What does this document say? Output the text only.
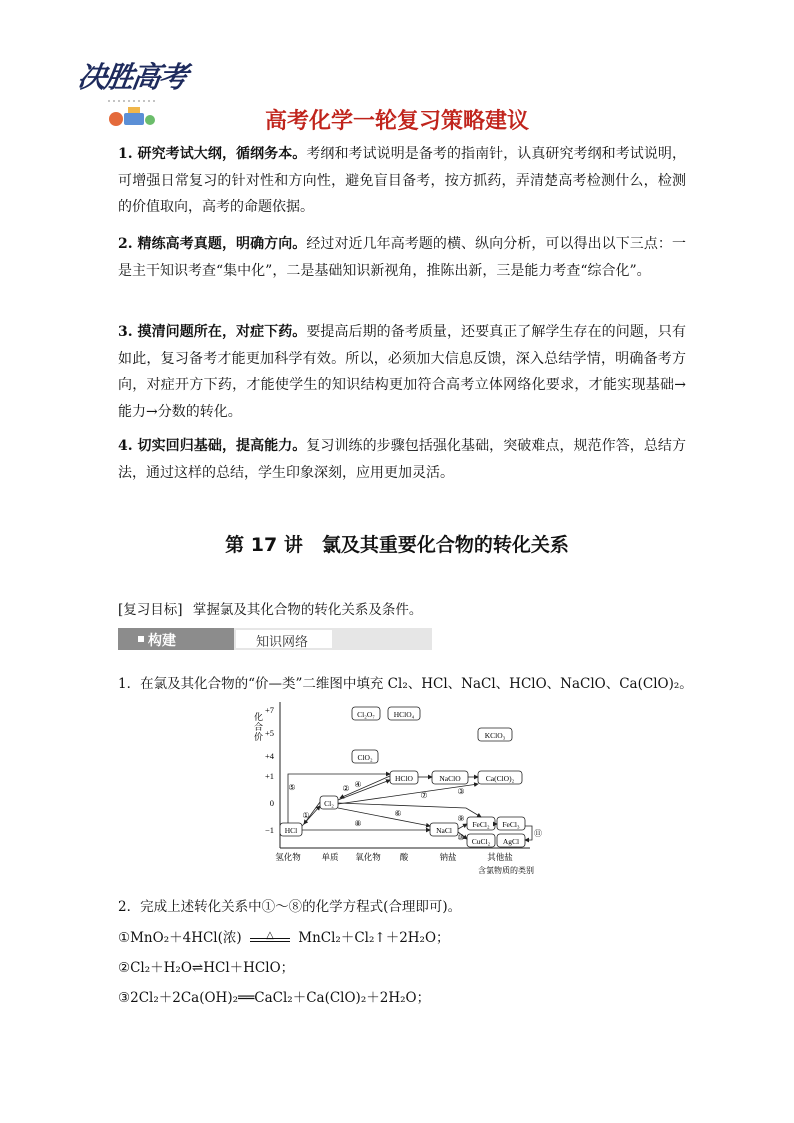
决胜高考
高考化学一轮复习策略建议
1. 研究考试大纲，循纲务本。考纲和考试说明是备考的指南针，认真研究考纲和考试说明，可增强日常复习的针对性和方向性，避免盲目备考，按方抓药，弄清楚高考检测什么，检测的价值取向，高考的命题依据。
2. 精练高考真题，明确方向。经过对近几年高考题的横、纵向分析，可以得出以下三点：一是主干知识考查“集中化”，二是基础知识新视角，推陈出新，三是能力考查“综合化”。
3. 摸清问题所在，对症下药。要提高后期的备考质量，还要真正了解学生存在的问题，只有如此，复习备考才能更加科学有效。所以，必须加大信息反馈，深入总结学情，明确备考方向，对症开方下药，才能使学生的知识结构更加符合高考立体网络化要求，才能实现基础→能力→分数的转化。
4. 切实回归基础，提高能力。复习训练的步骤包括强化基础，突破难点，规范作答，总结方法，通过这样的总结，学生印象深刻，应用更加灵活。
第 17 讲　氯及其重要化合物的转化关系
[复习目标] 掌握氯及其化合物的转化关系及条件。
构建	知识网络
1．在氯及其化合物的“价—类”二维图中填充 Cl₂、HCl、NaCl、HClO、NaClO、Ca(ClO)₂。
化合价
+7
+5
+4
+1
0
−1
氢化物 单质 氧化物 酸	钠盐	其他盐
含氯物质的类别
Cl₂O₇	HClO₄
KClO₃
ClO₂
HClO	NaClO	Ca(ClO)₂
Cl₂
HCl	NaCl
FeCl₂ FeCl₃
CuCl₂ AgCl
①
②	③
④
⑤
⑥
⑦
⑧
⑨
⑩	⑪
2．完成上述转化关系中①～⑧的化学方程式(合理即可)。
①MnO₂＋4HCl(浓)	△	MnCl₂＋Cl₂↑＋2H₂O；
②Cl₂＋H₂O⇌HCl＋HClO；
③2Cl₂＋2Ca(OH)₂══CaCl₂＋Ca(ClO)₂＋2H₂O；
